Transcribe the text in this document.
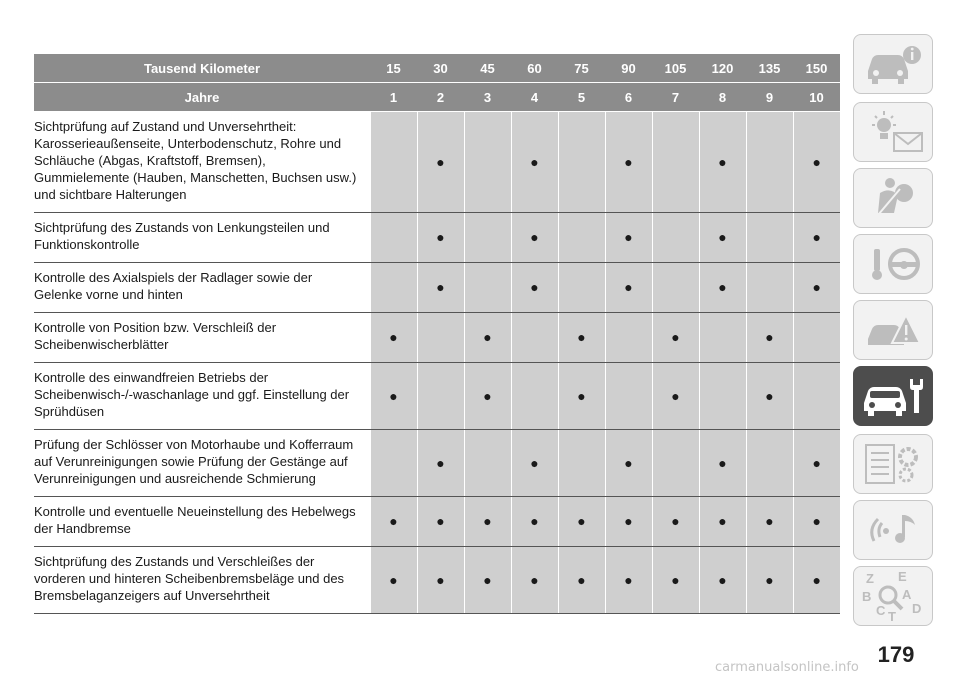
Tausend Kilometer	15	30	45	60	75	90	105	120	135	150
Jahre	1	2	3	4	5	6	7	8	9	10
Sichtprüfung auf Zustand und Unversehrtheit: Karosserieaußenseite, Unterbodenschutz, Rohre und Schläuche (Abgas, Kraftstoff, Bremsen), Gummielemente (Hauben, Manschetten, Buchsen usw.) und sichtbare Halterungen		●		●		●		●		●
Sichtprüfung des Zustands von Lenkungsteilen und Funktionskontrolle		●		●		●		●		●
Kontrolle des Axialspiels der Radlager sowie der Gelenke vorne und hinten		●		●		●		●		●
Kontrolle von Position bzw. Verschleiß der Scheibenwischerblätter	●		●		●		●		●	
Kontrolle des einwandfreien Betriebs der Scheibenwisch-/-waschanlage und ggf. Einstellung der Sprühdüsen	●		●		●		●		●	
Prüfung der Schlösser von Motorhaube und Kofferraum auf Verunreinigungen sowie Prüfung der Gestänge auf Verunreinigungen und ausreichende Schmierung		●		●		●		●		●
Kontrolle und eventuelle Neueinstellung des Hebelwegs der Handbremse	●	●	●	●	●	●	●	●	●	●
Sichtprüfung des Zustands und Verschleißes der vorderen und hinteren Scheibenbremsbeläge und des Bremsbelaganzeigers auf Unversehrtheit	●	●	●	●	●	●	●	●	●	●	Z E
B A
C T
D
179
carmanualsonline.info
